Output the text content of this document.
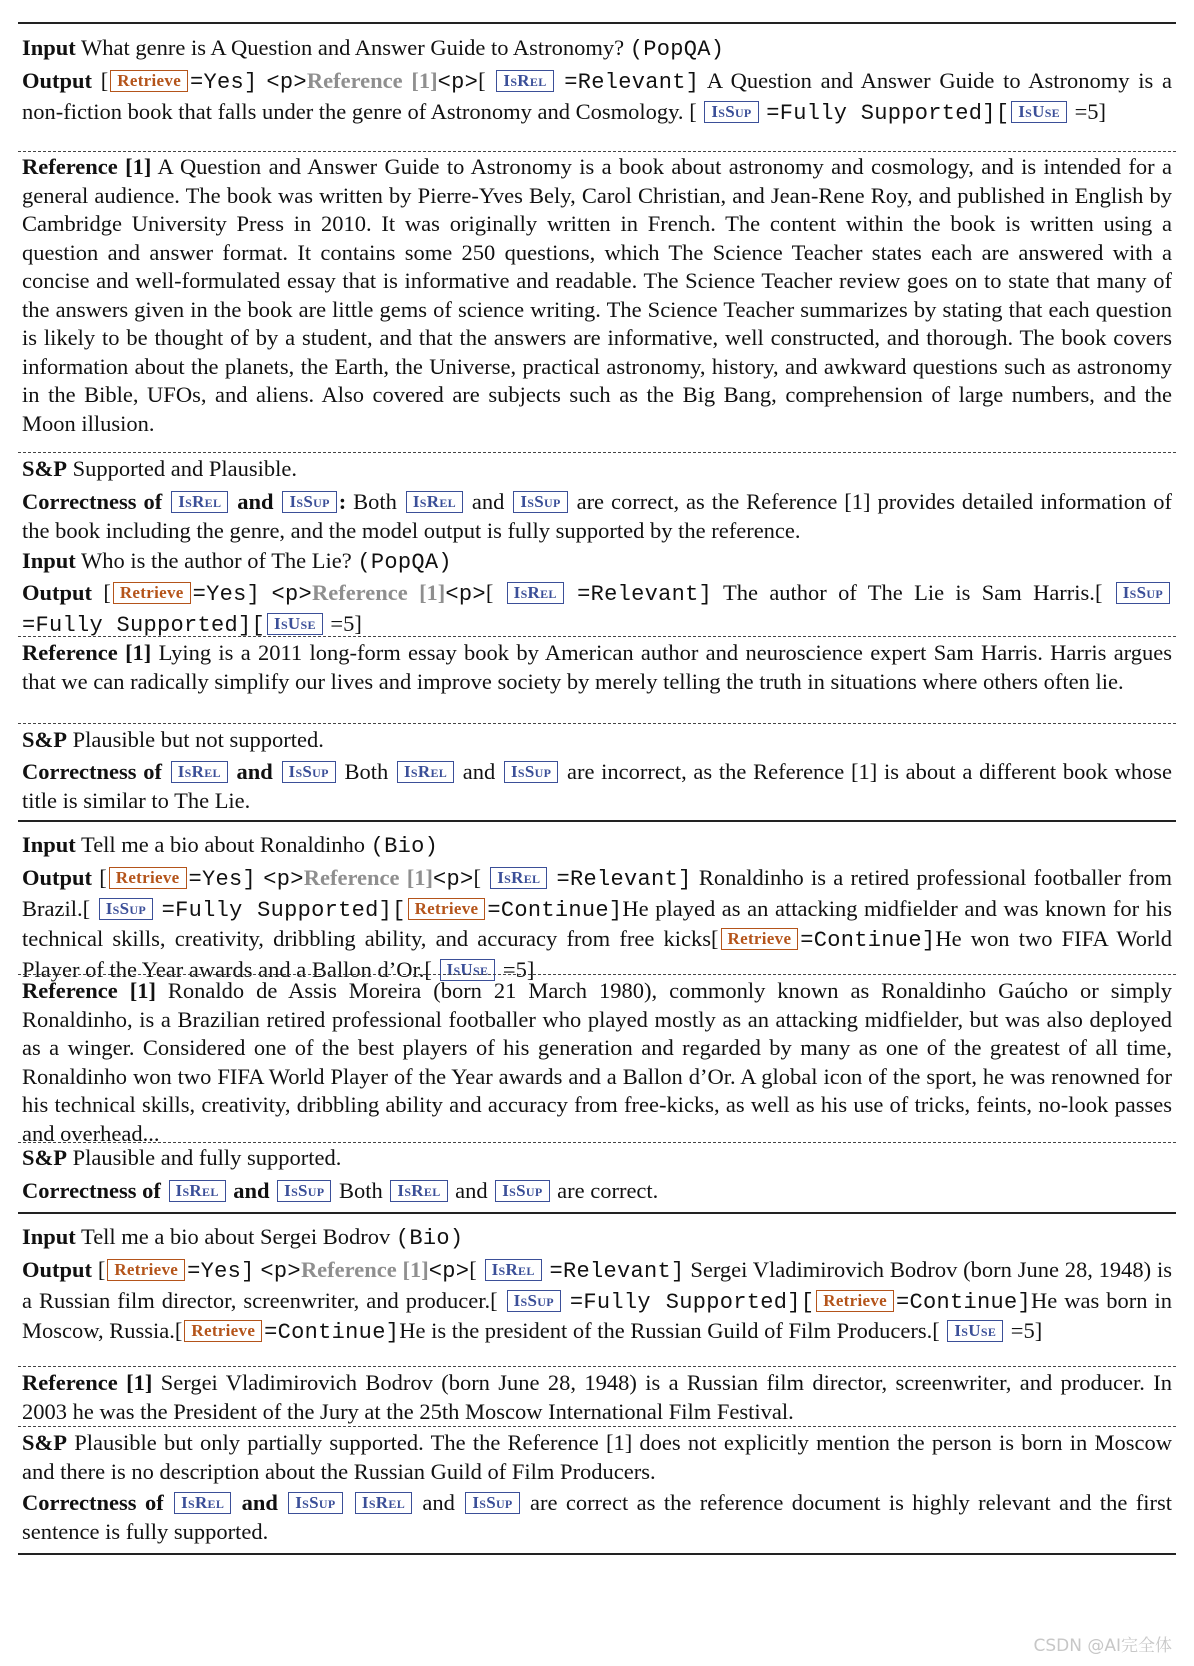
Input What genre is A Question and Answer Guide to Astronomy? (PopQA)

Output [ Retrieve =Yes] <p>Reference [1]<p>[ IsRel =Relevant] A Question and Answer Guide to Astronomy is a non-fiction book that falls under the genre of Astronomy and Cosmology. [ IsSup =Fully Supported][ IsUse =5]

Reference [1] A Question and Answer Guide to Astronomy is a book about astronomy and cosmology, and is intended for a general audience. The book was written by Pierre-Yves Bely, Carol Christian, and Jean-Rene Roy, and published in English by Cambridge University Press in 2010. It was originally written in French. The content within the book is written using a question and answer format. It contains some 250 questions, which The Science Teacher states each are answered with a concise and well-formulated essay that is informative and readable. The Science Teacher review goes on to state that many of the answers given in the book are little gems of science writing. The Science Teacher summarizes by stating that each question is likely to be thought of by a student, and that the answers are informative, well constructed, and thorough. The book covers information about the planets, the Earth, the Universe, practical astronomy, history, and awkward questions such as astronomy in the Bible, UFOs, and aliens. Also covered are subjects such as the Big Bang, comprehension of large numbers, and the Moon illusion.

S&P Supported and Plausible.

Correctness of IsRel and IsSup : Both IsRel and IsSup are correct, as the Reference [1] provides detailed information of the book including the genre, and the model output is fully supported by the reference.

Input Who is the author of The Lie? (PopQA)

Output [ Retrieve =Yes] <p>Reference [1]<p>[ IsRel =Relevant] The author of The Lie is Sam Harris.[ IsSup =Fully Supported][ IsUse =5]

Reference [1] Lying is a 2011 long-form essay book by American author and neuroscience expert Sam Harris. Harris argues that we can radically simplify our lives and improve society by merely telling the truth in situations where others often lie.

S&P Plausible but not supported.

Correctness of IsRel and IsSup Both IsRel and IsSup are incorrect, as the Reference [1] is about a different book whose title is similar to The Lie.

Input Tell me a bio about Ronaldinho (Bio)

Output [ Retrieve =Yes] <p>Reference [1]<p>[ IsRel =Relevant] Ronaldinho is a retired professional footballer from Brazil.[ IsSup =Fully Supported][ Retrieve =Continue]He played as an attacking midfielder and was known for his technical skills, creativity, dribbling ability, and accuracy from free kicks[ Retrieve =Continue]He won two FIFA World Player of the Year awards and a Ballon d’Or.[ IsUse =5]

Reference [1] Ronaldo de Assis Moreira (born 21 March 1980), commonly known as Ronaldinho Gaúcho or simply Ronaldinho, is a Brazilian retired professional footballer who played mostly as an attacking midfielder, but was also deployed as a winger. Considered one of the best players of his generation and regarded by many as one of the greatest of all time, Ronaldinho won two FIFA World Player of the Year awards and a Ballon d’Or. A global icon of the sport, he was renowned for his technical skills, creativity, dribbling ability and accuracy from free-kicks, as well as his use of tricks, feints, no-look passes and overhead...

S&P Plausible and fully supported.

Correctness of IsRel and IsSup Both IsRel and IsSup are correct.

Input Tell me a bio about Sergei Bodrov (Bio)

Output [ Retrieve =Yes] <p>Reference [1]<p>[ IsRel =Relevant] Sergei Vladimirovich Bodrov (born June 28, 1948) is a Russian film director, screenwriter, and producer.[ IsSup =Fully Supported][ Retrieve =Continue]He was born in Moscow, Russia.[ Retrieve =Continue]He is the president of the Russian Guild of Film Producers.[ IsUse =5]

Reference [1] Sergei Vladimirovich Bodrov (born June 28, 1948) is a Russian film director, screenwriter, and producer. In 2003 he was the President of the Jury at the 25th Moscow International Film Festival.

S&P Plausible but only partially supported. The the Reference [1] does not explicitly mention the person is born in Moscow and there is no description about the Russian Guild of Film Producers.

Correctness of IsRel and IsSup IsRel and IsSup are correct as the reference document is highly relevant and the first sentence is fully supported.

CSDN @AI完全体
